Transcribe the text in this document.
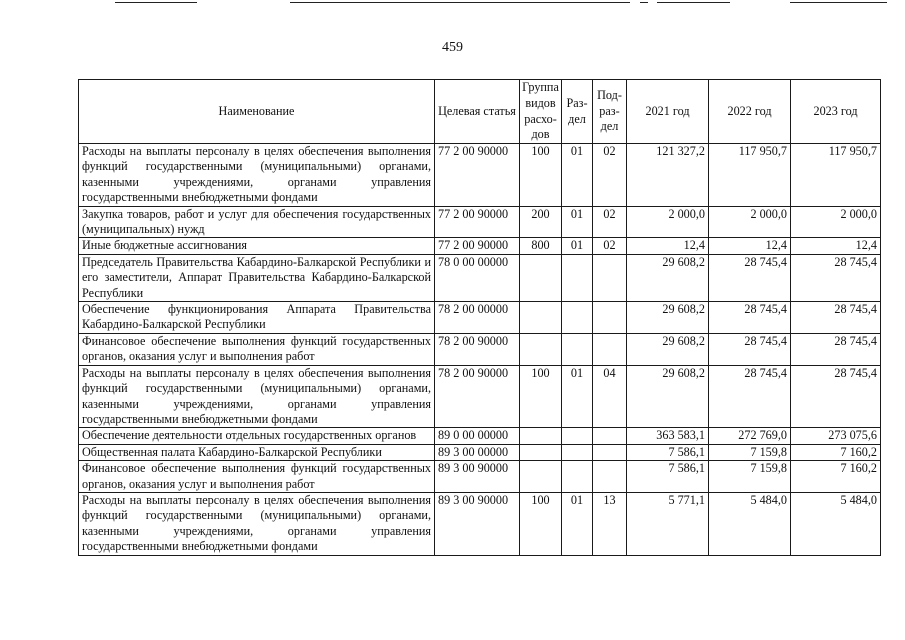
459
Наименование	Целевая статья	Группа видов расхо-дов	Раз-дел	Под-раз-дел	2021 год	2022 год	2023 год
Расходы на выплаты персоналу в целях обеспечения выполнения функций государственными (муниципальными) органами, казенными учреждениями, органами управления государственными внебюджетными фондами	77 2 00 90000	100	01	02	121 327,2	117 950,7	117 950,7
Закупка товаров, работ и услуг для обеспечения государственных (муниципальных) нужд	77 2 00 90000	200	01	02	2 000,0	2 000,0	2 000,0
Иные бюджетные ассигнования	77 2 00 90000	800	01	02	12,4	12,4	12,4
Председатель Правительства Кабардино-Балкарской Республики и его заместители, Аппарат Правительства Кабардино-Балкарской Республики	78 0 00 00000				29 608,2	28 745,4	28 745,4
Обеспечение функционирования Аппарата Правительства Кабардино-Балкарской Республики	78 2 00 00000				29 608,2	28 745,4	28 745,4
Финансовое обеспечение выполнения функций государственных органов, оказания услуг и выполнения работ	78 2 00 90000				29 608,2	28 745,4	28 745,4
Расходы на выплаты персоналу в целях обеспечения выполнения функций государственными (муниципальными) органами, казенными учреждениями, органами управления государственными внебюджетными фондами	78 2 00 90000	100	01	04	29 608,2	28 745,4	28 745,4
Обеспечение деятельности отдельных государственных органов	89 0 00 00000				363 583,1	272 769,0	273 075,6
Общественная палата Кабардино-Балкарской Республики	89 3 00 00000				7 586,1	7 159,8	7 160,2
Финансовое обеспечение выполнения функций государственных органов, оказания услуг и выполнения работ	89 3 00 90000				7 586,1	7 159,8	7 160,2
Расходы на выплаты персоналу в целях обеспечения выполнения функций государственными (муниципальными) органами, казенными учреждениями, органами управления государственными внебюджетными фондами	89 3 00 90000	100	01	13	5 771,1	5 484,0	5 484,0
